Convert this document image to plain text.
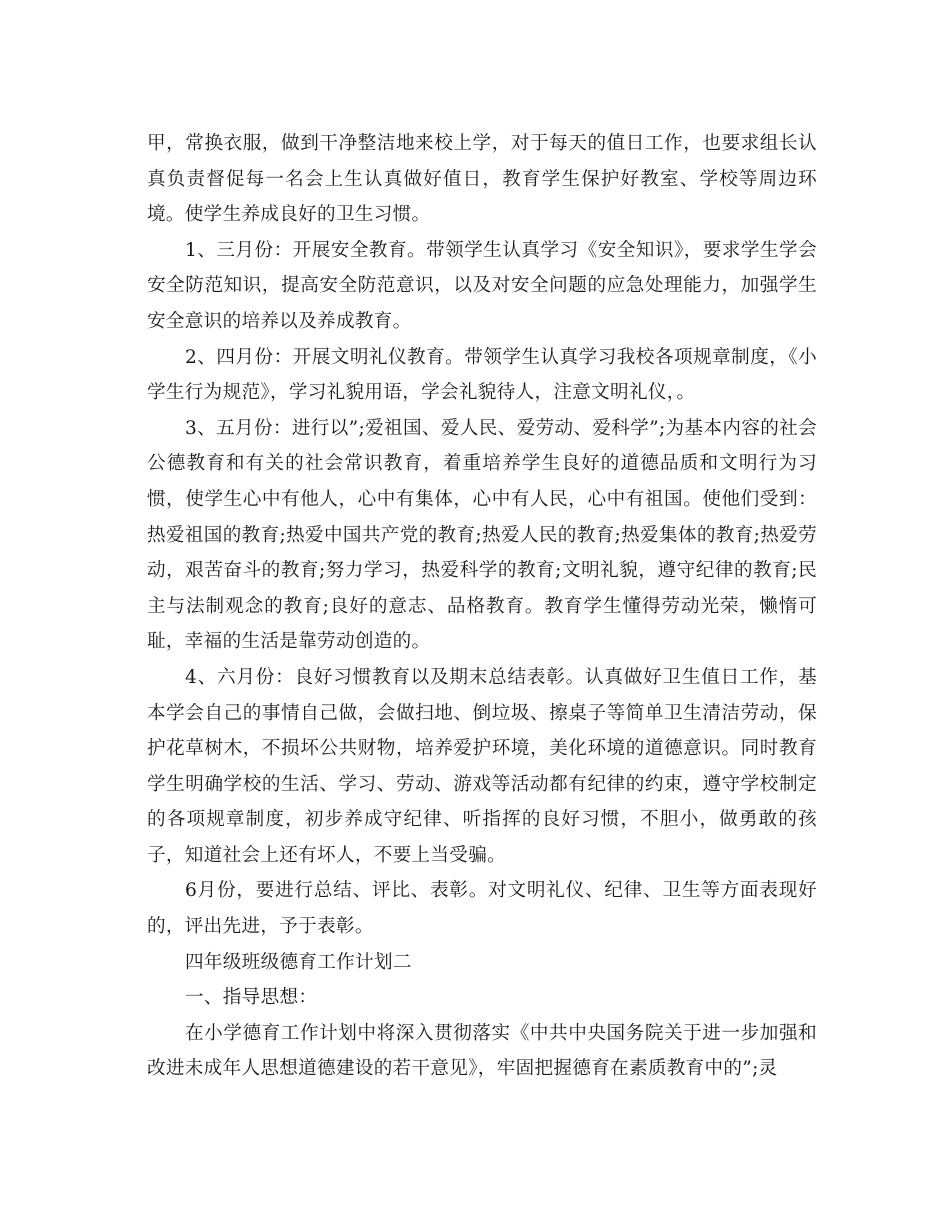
甲，常换衣服，做到干净整洁地来校上学，对于每天的值日工作，也要求组长认真负责督促每一名会上生认真做好值日，教育学生保护好教室、学校等周边环境。使学生养成良好的卫生习惯。

1、三月份：开展安全教育。带领学生认真学习《安全知识》，要求学生学会安全防范知识，提高安全防范意识，以及对安全问题的应急处理能力，加强学生安全意识的培养以及养成教育。

2、四月份：开展文明礼仪教育。带领学生认真学习我校各项规章制度，《小学生行为规范》，学习礼貌用语，学会礼貌待人，注意文明礼仪，。

3、五月份：进行以”;爱祖国、爱人民、爱劳动、爱科学”;为基本内容的社会公德教育和有关的社会常识教育，着重培养学生良好的道德品质和文明行为习惯，使学生心中有他人，心中有集体，心中有人民，心中有祖国。使他们受到：热爱祖国的教育;热爱中国共产党的教育;热爱人民的教育;热爱集体的教育;热爱劳动，艰苦奋斗的教育;努力学习，热爱科学的教育;文明礼貌，遵守纪律的教育;民主与法制观念的教育;良好的意志、品格教育。教育学生懂得劳动光荣，懒惰可耻，幸福的生活是靠劳动创造的。

4、六月份：良好习惯教育以及期末总结表彰。认真做好卫生值日工作，基本学会自己的事情自己做，会做扫地、倒垃圾、擦桌子等简单卫生清洁劳动，保护花草树木，不损坏公共财物，培养爱护环境，美化环境的道德意识。同时教育学生明确学校的生活、学习、劳动、游戏等活动都有纪律的约束，遵守学校制定的各项规章制度，初步养成守纪律、听指挥的良好习惯，不胆小，做勇敢的孩子，知道社会上还有坏人，不要上当受骗。

6月份，要进行总结、评比、表彰。对文明礼仪、纪律、卫生等方面表现好的，评出先进，予于表彰。

四年级班级德育工作计划二

一、指导思想：

在小学德育工作计划中将深入贯彻落实《中共中央国务院关于进一步加强和改进未成年人思想道德建设的若干意见》，牢固把握德育在素质教育中的”;灵
